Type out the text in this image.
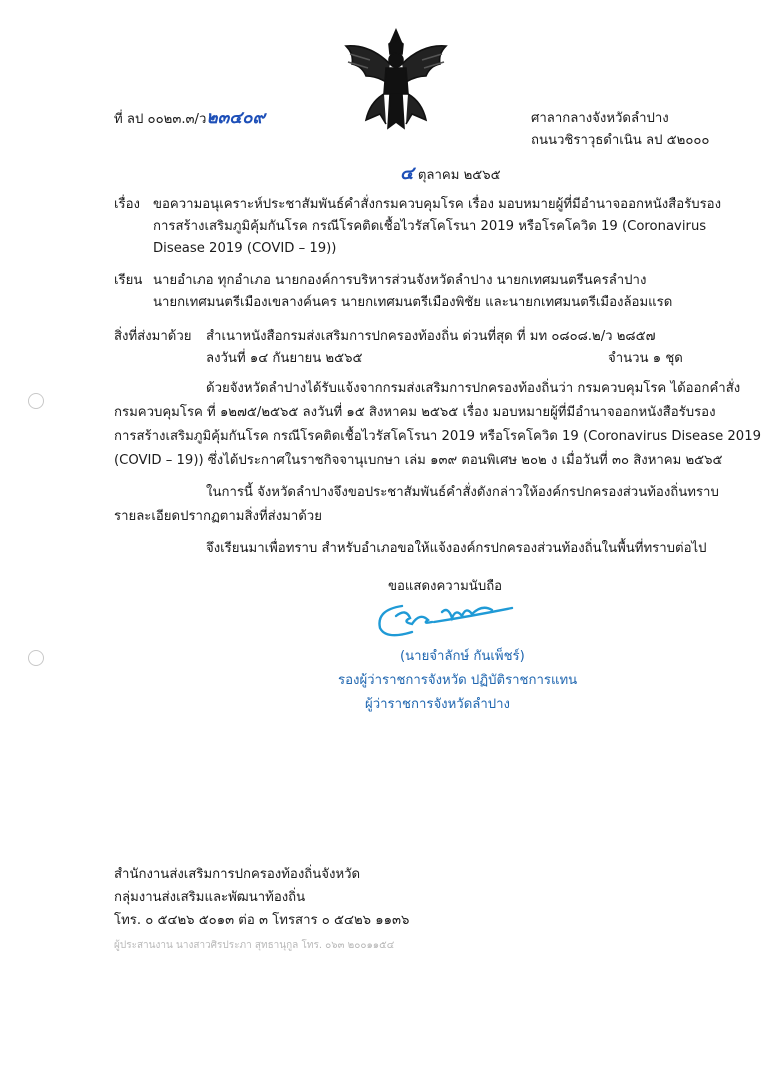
ที่ ลป ๐๐๒๓.๓/ว๒๓๔๐๙	ศาลากลางจังหวัดลำปาง
ถนนวชิราวุธดำเนิน ลป ๕๒๐๐๐
๔ ตุลาคม ๒๕๖๕
เรื่อง ขอความอนุเคราะห์ประชาสัมพันธ์คำสั่งกรมควบคุมโรค เรื่อง มอบหมายผู้ที่มีอำนาจออกหนังสือรับรอง
การสร้างเสริมภูมิคุ้มกันโรค กรณีโรคติดเชื้อไวรัสโคโรนา 2019 หรือโรคโควิด 19 (Coronavirus
Disease 2019 (COVID – 19))
เรียน นายอำเภอ ทุกอำเภอ นายกองค์การบริหารส่วนจังหวัดลำปาง นายกเทศมนตรีนครลำปาง
นายกเทศมนตรีเมืองเขลางค์นคร นายกเทศมนตรีเมืองพิชัย และนายกเทศมนตรีเมืองล้อมแรด
สิ่งที่ส่งมาด้วย สำเนาหนังสือกรมส่งเสริมการปกครองท้องถิ่น ด่วนที่สุด ที่ มท ๐๘๐๘.๒/ว ๒๘๕๗
ลงวันที่ ๑๔ กันยายน ๒๕๖๕	จำนวน ๑ ชุด
ด้วยจังหวัดลำปางได้รับแจ้งจากกรมส่งเสริมการปกครองท้องถิ่นว่า กรมควบคุมโรค ได้ออกคำสั่ง
กรมควบคุมโรค ที่ ๑๒๗๕/๒๕๖๕ ลงวันที่ ๑๕ สิงหาคม ๒๕๖๕ เรื่อง มอบหมายผู้ที่มีอำนาจออกหนังสือรับรอง
การสร้างเสริมภูมิคุ้มกันโรค กรณีโรคติดเชื้อไวรัสโคโรนา 2019 หรือโรคโควิด 19 (Coronavirus Disease 2019
(COVID – 19)) ซึ่งได้ประกาศในราชกิจจานุเบกษา เล่ม ๑๓๙ ตอนพิเศษ ๒๐๒ ง เมื่อวันที่ ๓๐ สิงหาคม ๒๕๖๕
ในการนี้ จังหวัดลำปางจึงขอประชาสัมพันธ์คำสั่งดังกล่าวให้องค์กรปกครองส่วนท้องถิ่นทราบ
รายละเอียดปรากฏตามสิ่งที่ส่งมาด้วย
จึงเรียนมาเพื่อทราบ สำหรับอำเภอขอให้แจ้งองค์กรปกครองส่วนท้องถิ่นในพื้นที่ทราบต่อไป
ขอแสดงความนับถือ
(นายจำลักษ์ กันเพ็ชร์)
รองผู้ว่าราชการจังหวัด ปฏิบัติราชการแทน
ผู้ว่าราชการจังหวัดลำปาง
สำนักงานส่งเสริมการปกครองท้องถิ่นจังหวัด
กลุ่มงานส่งเสริมและพัฒนาท้องถิ่น
โทร. ๐ ๕๔๒๖ ๕๐๑๓ ต่อ ๓ โทรสาร ๐ ๕๔๒๖ ๑๑๓๖
ผู้ประสานงาน นางสาวศิรประภา สุทธานุกูล โทร. ๐๖๓ ๒๐๐๑๑๕๔
